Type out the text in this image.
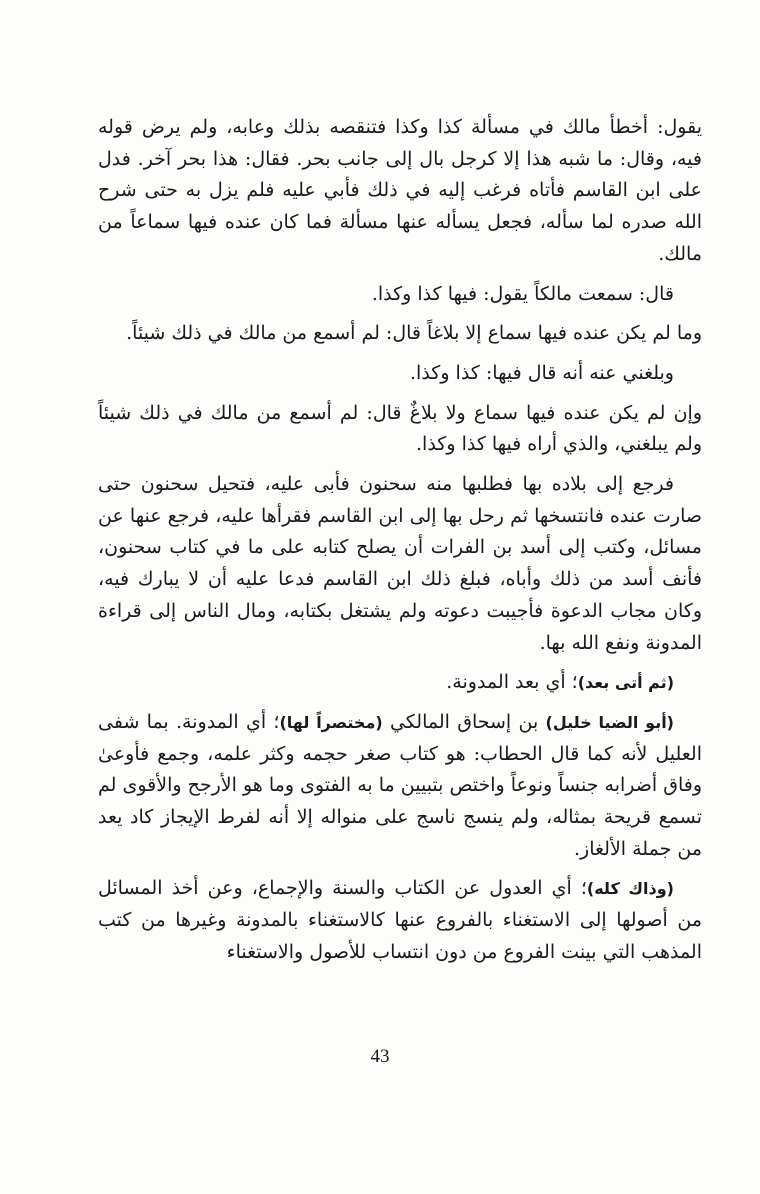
يقول: أخطأ مالك في مسألة كذا وكذا فتنقصه بذلك وعابه، ولم يرض قوله فيه، وقال: ما شبه هذا إلا كرجل بال إلى جانب بحر. فقال: هذا بحر آخر. فدل على ابن القاسم فأتاه فرغب إليه في ذلك فأبي عليه فلم يزل به حتى شرح الله صدره لما سأله، فجعل يسأله عنها مسألة فما كان عنده فيها سماعاً من مالك.

قال: سمعت مالكاً يقول: فيها كذا وكذا.

وما لم يكن عنده فيها سماع إلا بلاغاً قال: لم أسمع من مالك في ذلك شيئاً.

وبلغني عنه أنه قال فيها: كذا وكذا.

وإن لم يكن عنده فيها سماع ولا بلاغٌ قال: لم أسمع من مالك في ذلك شيئاً ولم يبلغني، والذي أراه فيها كذا وكذا.

فرجع إلى بلاده بها فطلبها منه سحنون فأبى عليه، فتحيل سحنون حتى صارت عنده فانتسخها ثم رحل بها إلى ابن القاسم فقرأها عليه، فرجع عنها عن مسائل، وكتب إلى أسد بن الفرات أن يصلح كتابه على ما في كتاب سحنون، فأنف أسد من ذلك وأباه، فبلغ ذلك ابن القاسم فدعا عليه أن لا يبارك فيه، وكان مجاب الدعوة فأجيبت دعوته ولم يشتغل بكتابه، ومال الناس إلى قراءة المدونة ونفع الله بها.

(ثم أتى بعد)؛ أي بعد المدونة.

(أبو الضيا خليل) بن إسحاق المالكي (مختصراً لها)؛ أي المدونة. بما شفى العليل لأنه كما قال الحطاب: هو كتاب صغر حجمه وكثر علمه، وجمع فأوعىٰ وفاق أضرابه جنساً ونوعاً واختص بتبيين ما به الفتوى وما هو الأرجح والأقوى لم تسمع قريحة بمثاله، ولم ينسج ناسج على منواله إلا أنه لفرط الإيجاز كاد يعد من جملة الألغاز.

(وذاك كله)؛ أي العدول عن الكتاب والسنة والإجماع، وعن أخذ المسائل من أصولها إلى الاستغناء بالفروع عنها كالاستغناء بالمدونة وغيرها من كتب المذهب التي بينت الفروع من دون انتساب للأصول والاستغناء

43
